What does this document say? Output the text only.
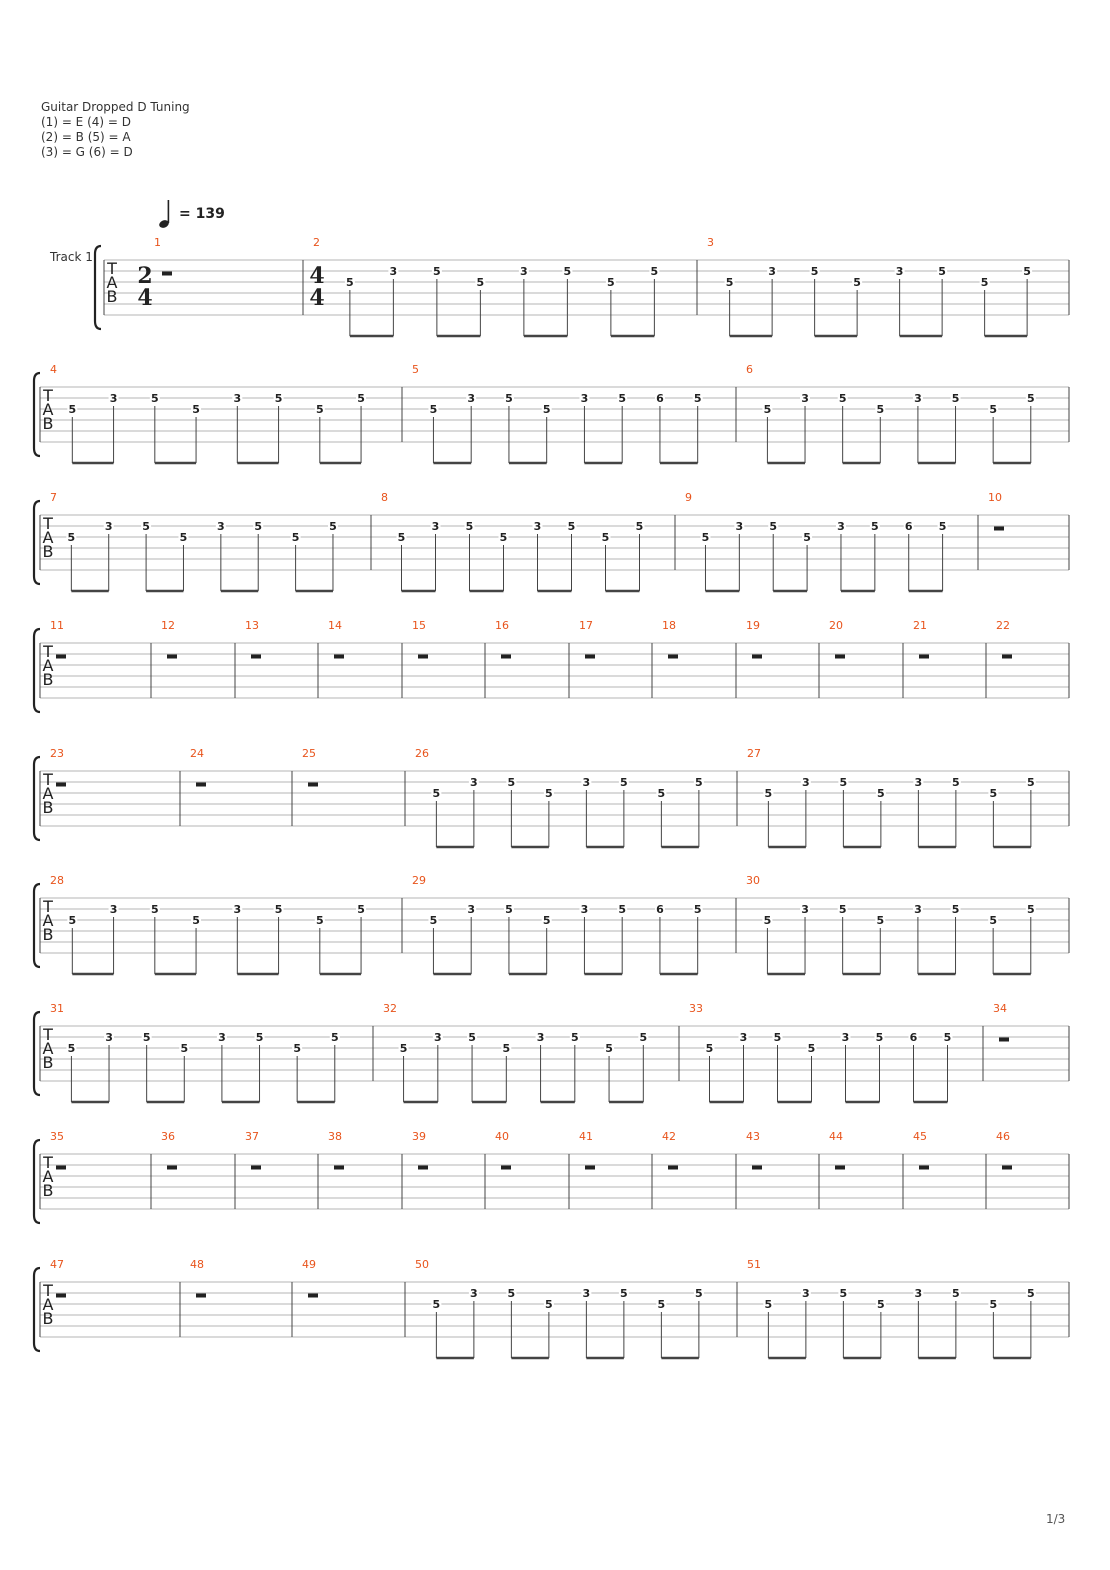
Guitar Dropped D Tuning
(1) = E (4) = D
(2) = B (5) = A
(3) = G (6) = D
= 139
Track 1
T
A
B
1
2
4
2
4
4
5
3	5
5
3	5
5
5
3
5
3	5
5
3	5
5
5
T
A
B
4
5
3	5
5
3	5
5
5
5
5
3	5
5
3	5	6	5
6
5
3	5
5
3	5
5
5
T
A
B
7
5
3	5
5
3	5
5
5
8
5
3 5
5
3 5
5
5
9
5
3 5
5
3 5 6 5
10
T
A
B
11	12	13	14	15	16	17	18	19	20	21	22
T
A
B
23	24	25	26
5
3	5
5
3	5
5
5
27
5
3	5
5
3	5
5
5
T
A
B
28
5
3	5
5
3	5
5
5
29
5
3	5
5
3	5	6	5
30
5
3	5
5
3	5
5
5
T
A
B
31
5
3	5
5
3	5
5
5
32
5
3 5
5
3 5
5
5
33
5
3 5
5
3 5 6 5
34
T
A
B
35	36	37	38	39	40	41	42	43	44	45	46
T
A
B
47	48	49	50
5
3	5
5
3	5
5
5
51
5
3	5
5
3	5
5
5
1/3
